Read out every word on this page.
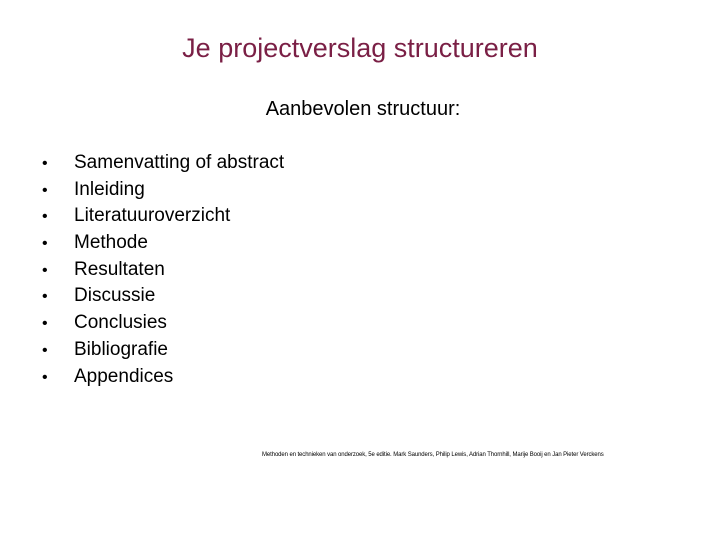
Je projectverslag structureren
Aanbevolen structuur:
• Samenvatting of abstract
• Inleiding
• Literatuuroverzicht
• Methode
• Resultaten
• Discussie
• Conclusies
• Bibliografie
• Appendices
Methoden en technieken van onderzoek, 5e editie. Mark Saunders, Philip Lewis, Adrian Thornhill, Marije Booij en Jan Pieter Verckens
